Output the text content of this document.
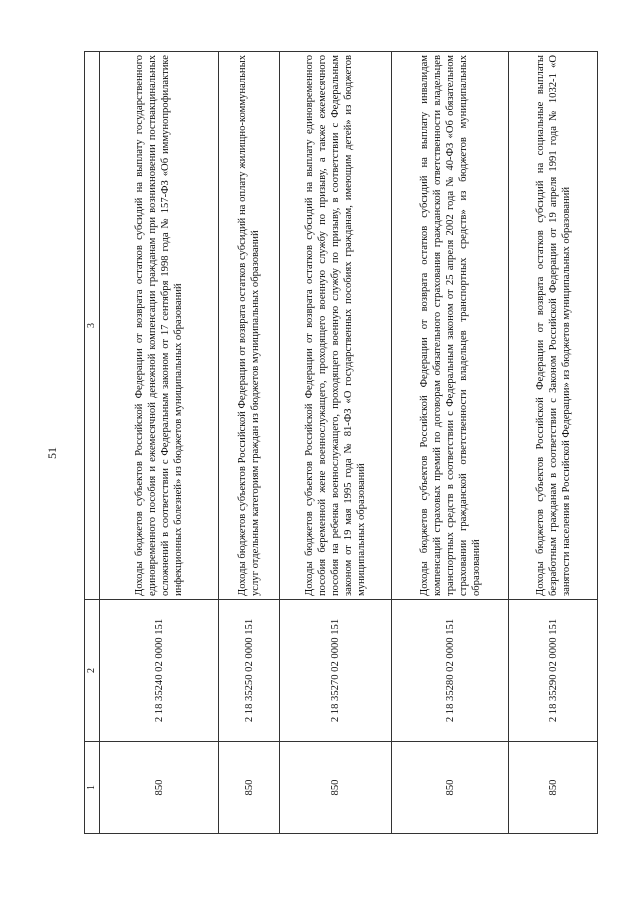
51
1	2	3
850	2 18 35240 02 0000 151	Доходы бюджетов субъектов Российской Федерации от возврата остатков субсидий на выплату государственного единовременного пособия и ежемесячной денежной компенсации гражданам при возникновении поствакцинальных осложнений в соответствии с Федеральным законом от 17 сентября 1998 года № 157-ФЗ «Об иммунопрофилактике инфекционных болезней» из бюджетов муниципальных образований
850	2 18 35250 02 0000 151	Доходы бюджетов субъектов Российской Федерации от возврата остатков субсидий на оплату жилищно-коммунальных услуг отдельным категориям граждан из бюджетов муниципальных образований
850	2 18 35270 02 0000 151	Доходы бюджетов субъектов Российской Федерации от возврата остатков субсидий на выплату единовременного пособия беременной жене военнослужащего, проходящего военную службу по призыву, а также ежемесячного пособия на ребенка военнослужащего, проходящего военную службу по призыву, в соответствии с Федеральным законом от 19 мая 1995 года № 81-ФЗ «О государственных пособиях гражданам, имеющим детей» из бюджетов муниципальных образований
850	2 18 35280 02 0000 151	Доходы бюджетов субъектов Российской Федерации от возврата остатков субсидий на выплату инвалидам компенсаций страховых премий по договорам обязательного страхования гражданской ответственности владельцев транспортных средств в соответствии с Федеральным законом от 25 апреля 2002 года № 40-ФЗ «Об обязательном страховании гражданской ответственности владельцев транспортных средств» из бюджетов муниципальных образований
850	2 18 35290 02 0000 151	Доходы бюджетов субъектов Российской Федерации от возврата остатков субсидий на социальные выплаты безработным гражданам в соответствии с Законом Российской Федерации от 19 апреля 1991 года № 1032-1 «О занятости населения в Российской Федерации» из бюджетов муниципальных образований
